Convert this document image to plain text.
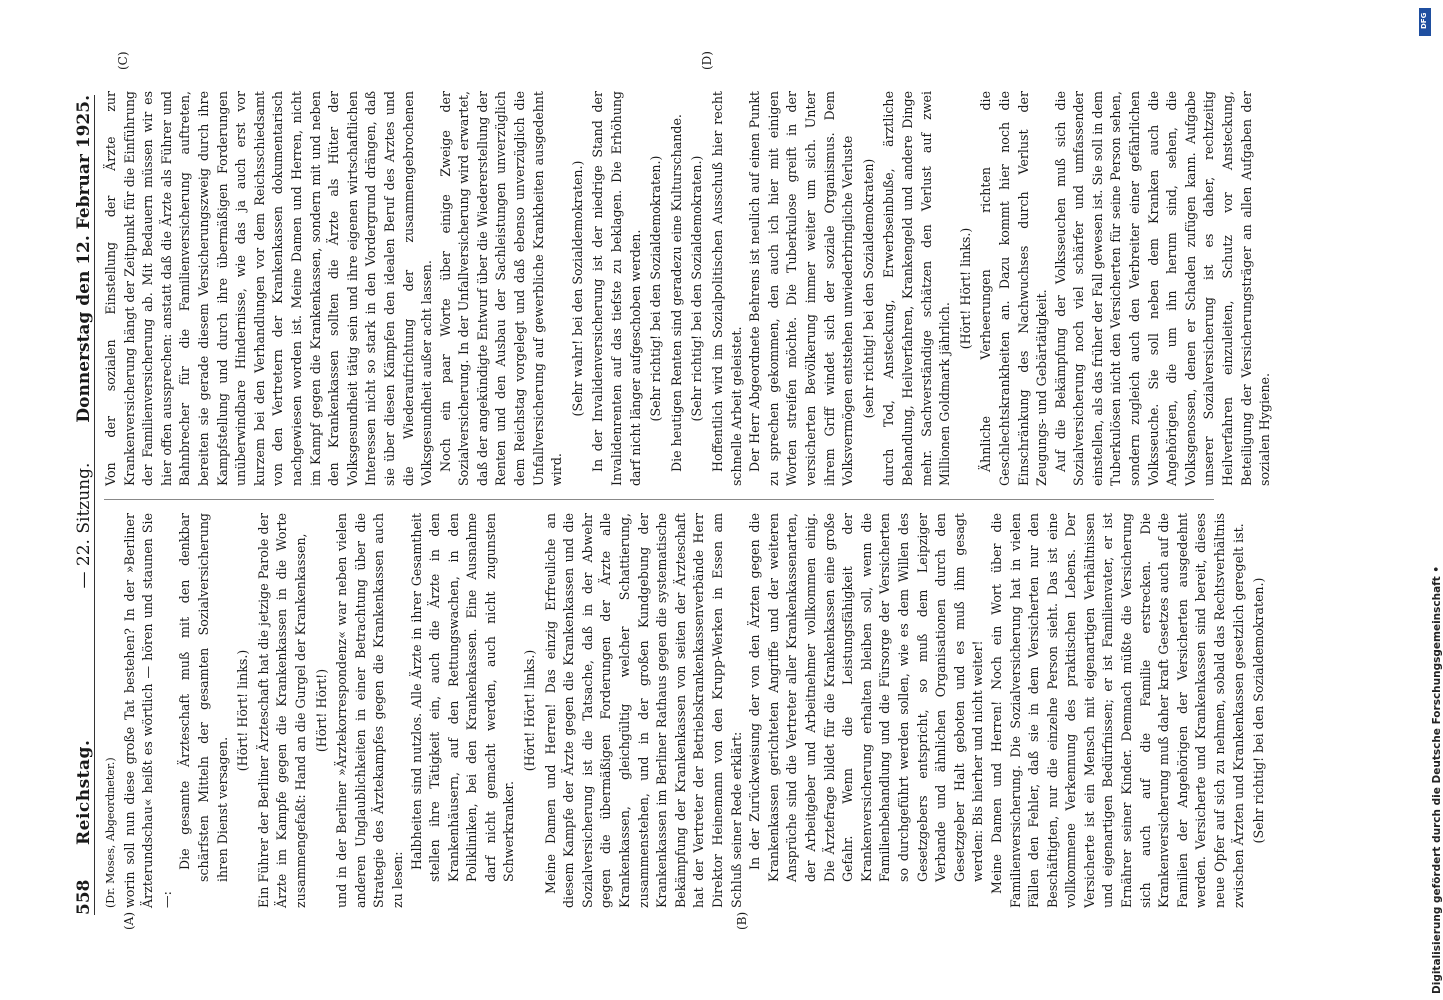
558
Reichstag.
— 22. Sitzung.
Donnerstag den 12. Februar 1925.
(A)	(B)
(C)	(D)

(Dr. Moses, Abgeordneter.) worin soll nun diese große Tat bestehen? In der »Berliner Ärzterundschau« heißt es wörtlich — hören und staunen Sie —:

Die gesamte Ärzteschaft muß mit den denkbar schärfsten Mitteln der gesamten Sozialversicherung ihren Dienst versagen.

(Hört! Hört! links.) Ein Führer der Berliner Ärzteschaft hat die jetzige Parole der Ärzte im Kampfe gegen die Krankenkassen in die Worte zusammengefaßt: Hand an die Gurgel der Krankenkassen, (Hört! Hört!) und in der Berliner »Ärztekorrespondenz« war neben vielen anderen Unglaublichkeiten in einer Betrachtung über die Strategie des Ärztekampfes gegen die Krankenkassen auch zu lesen:

Halbheiten sind nutzlos. Alle Ärzte in ihrer Gesamtheit stellen ihre Tätigkeit ein, auch die Ärzte in den Krankenhäusern, auf den Rettungswachen, in den Polikliniken, bei den Krankenkassen. Eine Ausnahme darf nicht gemacht werden, auch nicht zugunsten Schwerkranker.

(Hört! Hört! links.) Meine Damen und Herren! Das einzig Erfreuliche an diesem Kampfe der Ärzte gegen die Krankenkassen und die Sozialversicherung ist die Tatsache, daß in der Abwehr gegen die übermäßigen Forderungen der Ärzte alle Krankenkassen, gleichgültig welcher Schattierung, zusammenstehen, und in der großen Kundgebung der Krankenkassen im Berliner Rathaus gegen die systematische Bekämpfung der Krankenkassen von seiten der Ärzteschaft hat der Vertreter der Betriebskrankenkassenverbände Herr Direktor Heinemann von den Krupp-Werken in Essen am Schluß seiner Rede erklärt: In der Zurückweisung der von den Ärzten gegen die Krankenkassen gerichteten Angriffe und der weiteren Ansprüche sind die Vertreter aller Krankenkassenarten, der Arbeitgeber und Arbeitnehmer vollkommen einig. Die Ärztefrage bildet für die Krankenkassen eine große Gefahr. Wenn die Leistungsfähigkeit der Krankenversicherung erhalten bleiben soll, wenn die Familienbehandlung und die Fürsorge der Versicherten so durchgeführt werden sollen, wie es dem Willen des Gesetzgebers entspricht, so muß dem Leipziger Verbande und ähnlichen Organisationen durch den Gesetzgeber Halt geboten und es muß ihm gesagt werden: Bis hierher und nicht weiter! Meine Damen und Herren! Noch ein Wort über die Familienversicherung. Die Sozialversicherung hat in vielen Fällen den Fehler, daß sie in dem Versicherten nur den Beschäftigten, nur die einzelne Person sieht. Das ist eine vollkommene Verkennung des praktischen Lebens. Der Versicherte ist ein Mensch mit eigenartigen Verhältnissen und eigenartigen Bedürfnissen; er ist Familienvater, er ist Ernährer seiner Kinder. Demnach müßte die Versicherung sich auch auf die Familie erstrecken. Die Krankenversicherung muß daher kraft Gesetzes auch auf die Familien der Angehörigen der Versicherten ausgedehnt werden. Versicherte und Krankenkassen sind bereit, dieses neue Opfer auf sich zu nehmen, sobald das Rechtsverhältnis zwischen Ärzten und Krankenkassen gesetzlich geregelt ist. (Sehr richtig! bei den Sozialdemokraten.)

Von der sozialen Einstellung der Ärzte zur Krankenversicherung hängt der Zeitpunkt für die Einführung der Familienversicherung ab. Mit Bedauern müssen wir es hier offen aussprechen: anstatt daß die Ärzte als Führer und Bahnbrecher für die Familienversicherung auftreten, bereiten sie gerade diesem Versicherungszweig durch ihre Kampfstellung und durch ihre übermäßigen Forderungen unüberwindbare Hindernisse, wie das ja auch erst vor kurzem bei den Verhandlungen vor dem Reichsschiedsamt von den Vertretern der Krankenkassen dokumentarisch nachgewiesen worden ist. Meine Damen und Herren, nicht im Kampf gegen die Krankenkassen, sondern mit und neben den Krankenkassen sollten die Ärzte als Hüter der Volksgesundheit tätig sein und ihre eigenen wirtschaftlichen Interessen nicht so stark in den Vordergrund drängen, daß sie über diesen Kämpfen den idealen Beruf des Arztes und die Wiederaufrichtung der zusammengebrochenen Volksgesundheit außer acht lassen. Noch ein paar Worte über einige Zweige der Sozialversicherung. In der Unfallversicherung wird erwartet, daß der angekündigte Entwurf über die Wiedererstellung der Renten und den Ausbau der Sachleistungen unverzüglich dem Reichstag vorgelegt und daß ebenso unverzüglich die Unfallversicherung auf gewerbliche Krankheiten ausgedehnt wird.

(Sehr wahr! bei den Sozialdemokraten.) In der Invalidenversicherung ist der niedrige Stand der Invalidenrenten auf das tiefste zu beklagen. Die Erhöhung darf nicht länger aufgeschoben werden. (Sehr richtig! bei den Sozialdemokraten.) Die heutigen Renten sind geradezu eine Kulturschande. (Sehr richtig! bei den Sozialdemokraten.) Hoffentlich wird im Sozialpolitischen Ausschuß hier recht schnelle Arbeit geleistet. Der Herr Abgeordnete Behrens ist neulich auf einen Punkt zu sprechen gekommen, den auch ich hier mit einigen Worten streifen möchte. Die Tuberkulose greift in der versicherten Bevölkerung immer weiter um sich. Unter ihrem Griff windet sich der soziale Organismus. Dem Volksvermögen entstehen unwiederbringliche Verluste (sehr richtig! bei den Sozialdemokraten) durch Tod, Ansteckung, Erwerbseinbuße, ärztliche Behandlung, Heilverfahren, Krankengeld und andere Dinge mehr. Sachverständige schätzen den Verlust auf zwei Millionen Goldmark jährlich.

(Hört! Hört! links.) Ähnliche Verheerungen richten die Geschlechtskrankheiten an. Dazu kommt hier noch die Einschränkung des Nachwuchses durch Verlust der Zeugungs- und Gebärtätigkeit. Auf die Bekämpfung der Volksseuchen muß sich die Sozialversicherung noch viel schärfer und umfassender einstellen, als das früher der Fall gewesen ist. Sie soll in dem Tuberkulösen nicht den Versicherten für seine Person sehen, sondern zugleich auch den Verbreiter einer gefährlichen Volksseuche. Sie soll neben dem Kranken auch die Angehörigen, die um ihn herum sind, sehen, die Volksgenossen, denen er Schaden zufügen kann. Aufgabe unserer Sozialversicherung ist es daher, rechtzeitig Heilverfahren einzuleiten, Schutz vor Ansteckung, Beteiligung der Versicherungsträger an allen Aufgaben der sozialen Hygiene.

Digitalisierung gefördert durch die Deutsche Forschungsgemeinschaft •
DFG
